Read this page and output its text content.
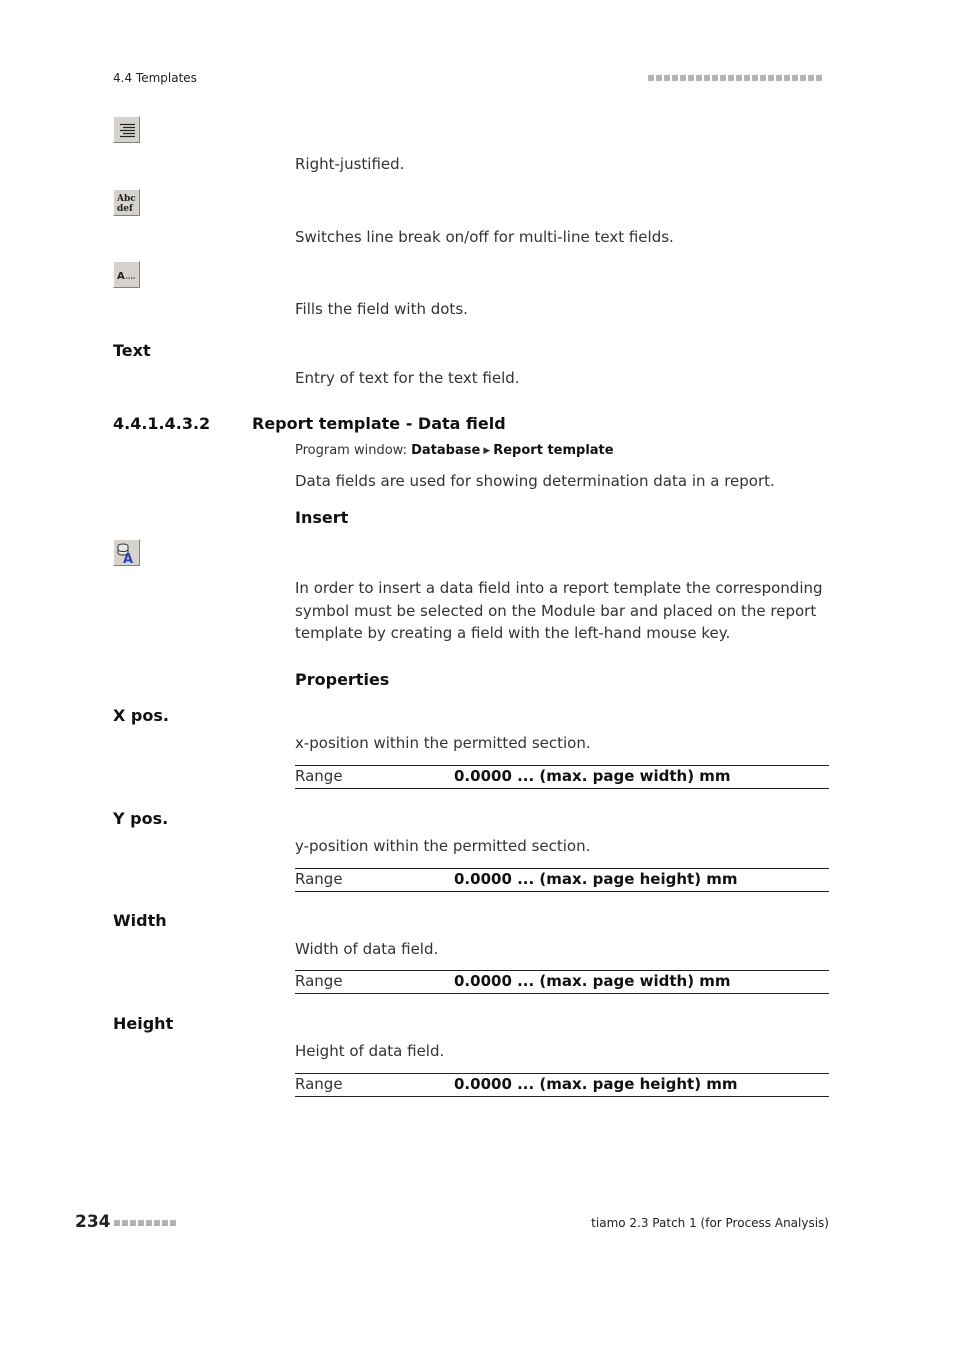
4.4 Templates
Right-justified.
Abc
def
Switches line break on/off for multi-line text fields.
A
Fills the field with dots.
Text
Entry of text for the text field.
4.4.1.4.3.2	Report template - Data field
Program window: Database ▶ Report template
Data fields are used for showing determination data in a report.
Insert
A
In order to insert a data field into a report template the corresponding symbol must be selected on the Module bar and placed on the report template by creating a field with the left-hand mouse key.
Properties
X pos.
x-position within the permitted section.
Range	0.0000 ... (max. page width) mm
Y pos.
y-position within the permitted section.
Range	0.0000 ... (max. page height) mm
Width
Width of data field.
Range	0.0000 ... (max. page width) mm
Height
Height of data field.
Range	0.0000 ... (max. page height) mm
234	tiamo 2.3 Patch 1 (for Process Analysis)
